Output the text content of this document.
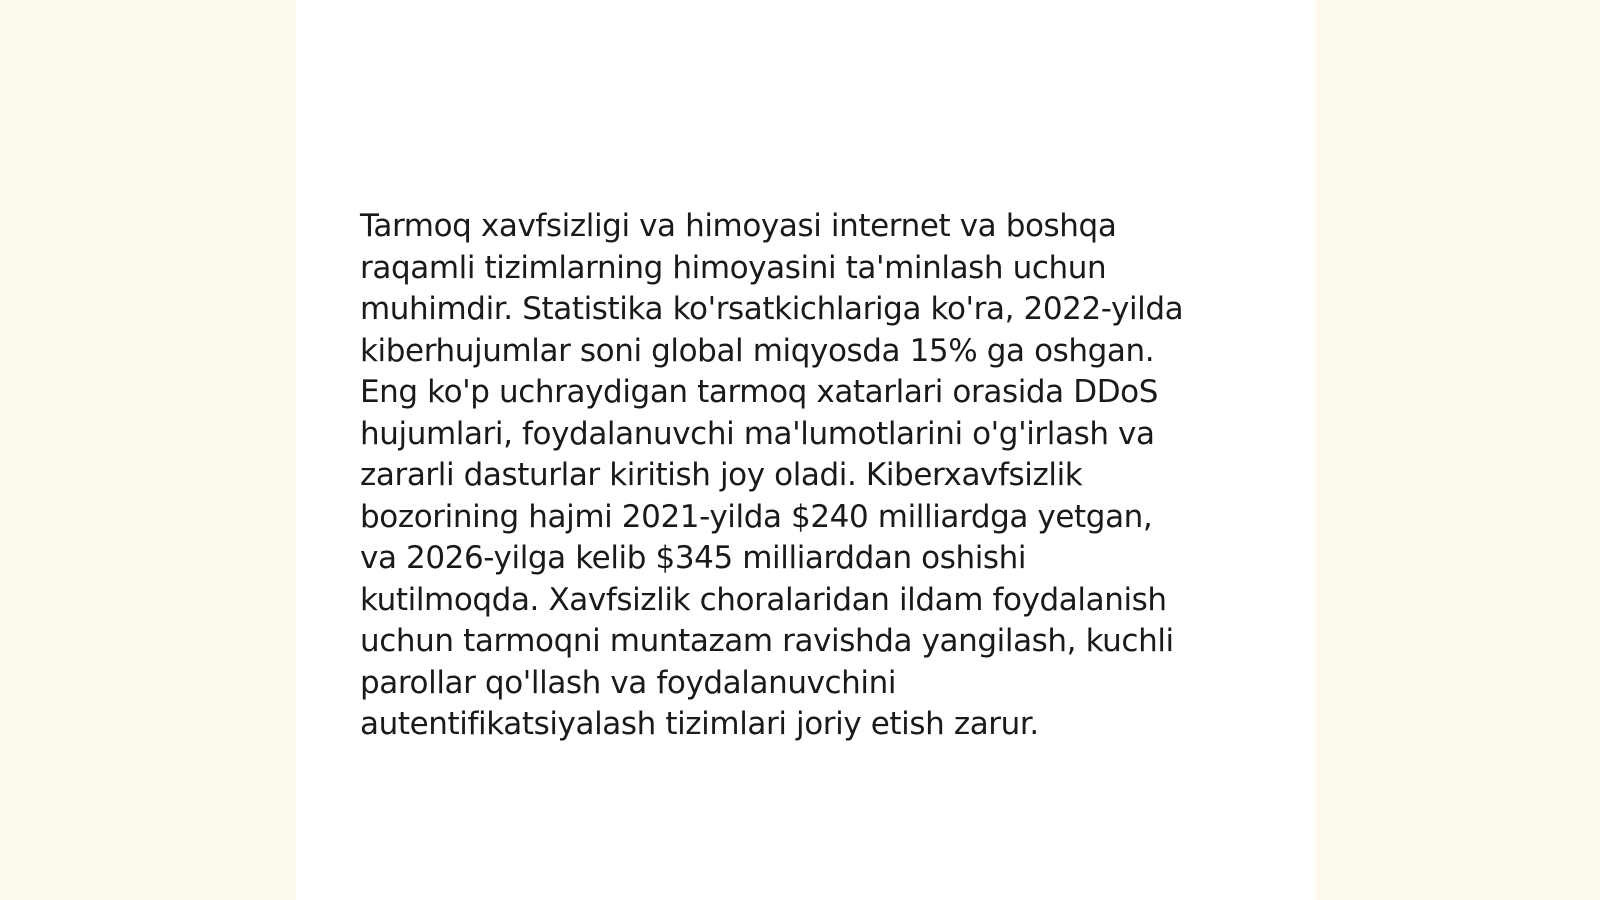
Tarmoq xavfsizligi va himoyasi internet va boshqa
raqamli tizimlarning himoyasini ta'minlash uchun
muhimdir. Statistika ko'rsatkichlariga ko'ra, 2022-yilda
kiberhujumlar soni global miqyosda 15% ga oshgan.
Eng ko'p uchraydigan tarmoq xatarlari orasida DDoS
hujumlari, foydalanuvchi ma'lumotlarini o'g'irlash va
zararli dasturlar kiritish joy oladi. Kiberxavfsizlik
bozorining hajmi 2021-yilda $240 milliardga yetgan,
va 2026-yilga kelib $345 milliarddan oshishi
kutilmoqda. Xavfsizlik choralaridan ildam foydalanish
uchun tarmoqni muntazam ravishda yangilash, kuchli
parollar qo'llash va foydalanuvchini
autentifikatsiyalash tizimlari joriy etish zarur.
